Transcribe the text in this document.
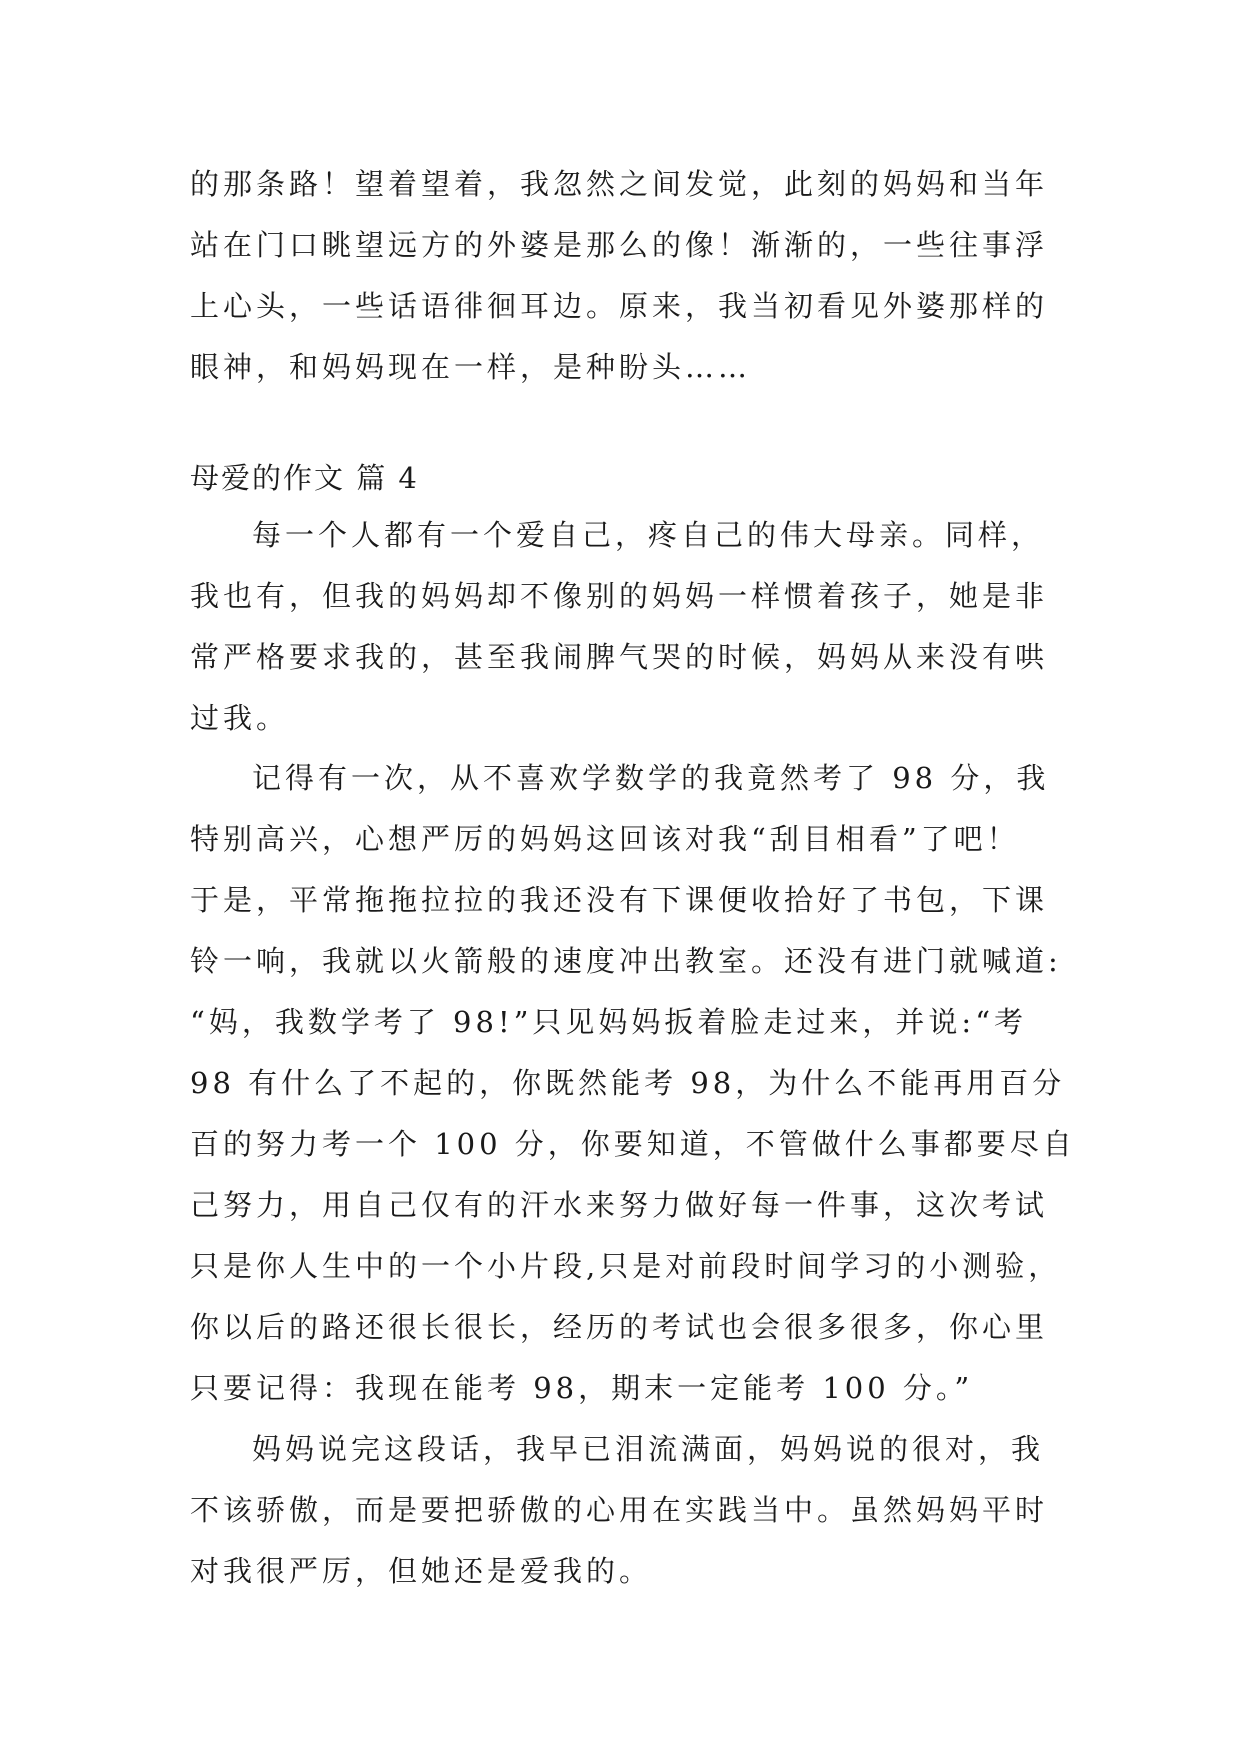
的那条路！望着望着，我忽然之间发觉，此刻的妈妈和当年
站在门口眺望远方的外婆是那么的像！渐渐的，一些往事浮
上心头，一些话语徘徊耳边。原来，我当初看见外婆那样的
眼神，和妈妈现在一样，是种盼头……
母爱的作文 篇 4
每一个人都有一个爱自己，疼自己的伟大母亲。同样，
我也有，但我的妈妈却不像别的妈妈一样惯着孩子，她是非
常严格要求我的，甚至我闹脾气哭的时候，妈妈从来没有哄
过我。
记得有一次，从不喜欢学数学的我竟然考了 98 分，我
特别高兴，心想严厉的妈妈这回该对我“刮目相看”了吧！
于是，平常拖拖拉拉的我还没有下课便收拾好了书包，下课
铃一响，我就以火箭般的速度冲出教室。还没有进门就喊道:
“妈，我数学考了 98!”只见妈妈扳着脸走过来，并说:“考
98 有什么了不起的，你既然能考 98，为什么不能再用百分
百的努力考一个 100 分，你要知道，不管做什么事都要尽自
己努力，用自己仅有的汗水来努力做好每一件事，这次考试
只是你人生中的一个小片段,只是对前段时间学习的小测验，
你以后的路还很长很长，经历的考试也会很多很多，你心里
只要记得：我现在能考 98，期末一定能考 100 分。”
妈妈说完这段话，我早已泪流满面，妈妈说的很对，我
不该骄傲，而是要把骄傲的心用在实践当中。虽然妈妈平时
对我很严厉，但她还是爱我的。
